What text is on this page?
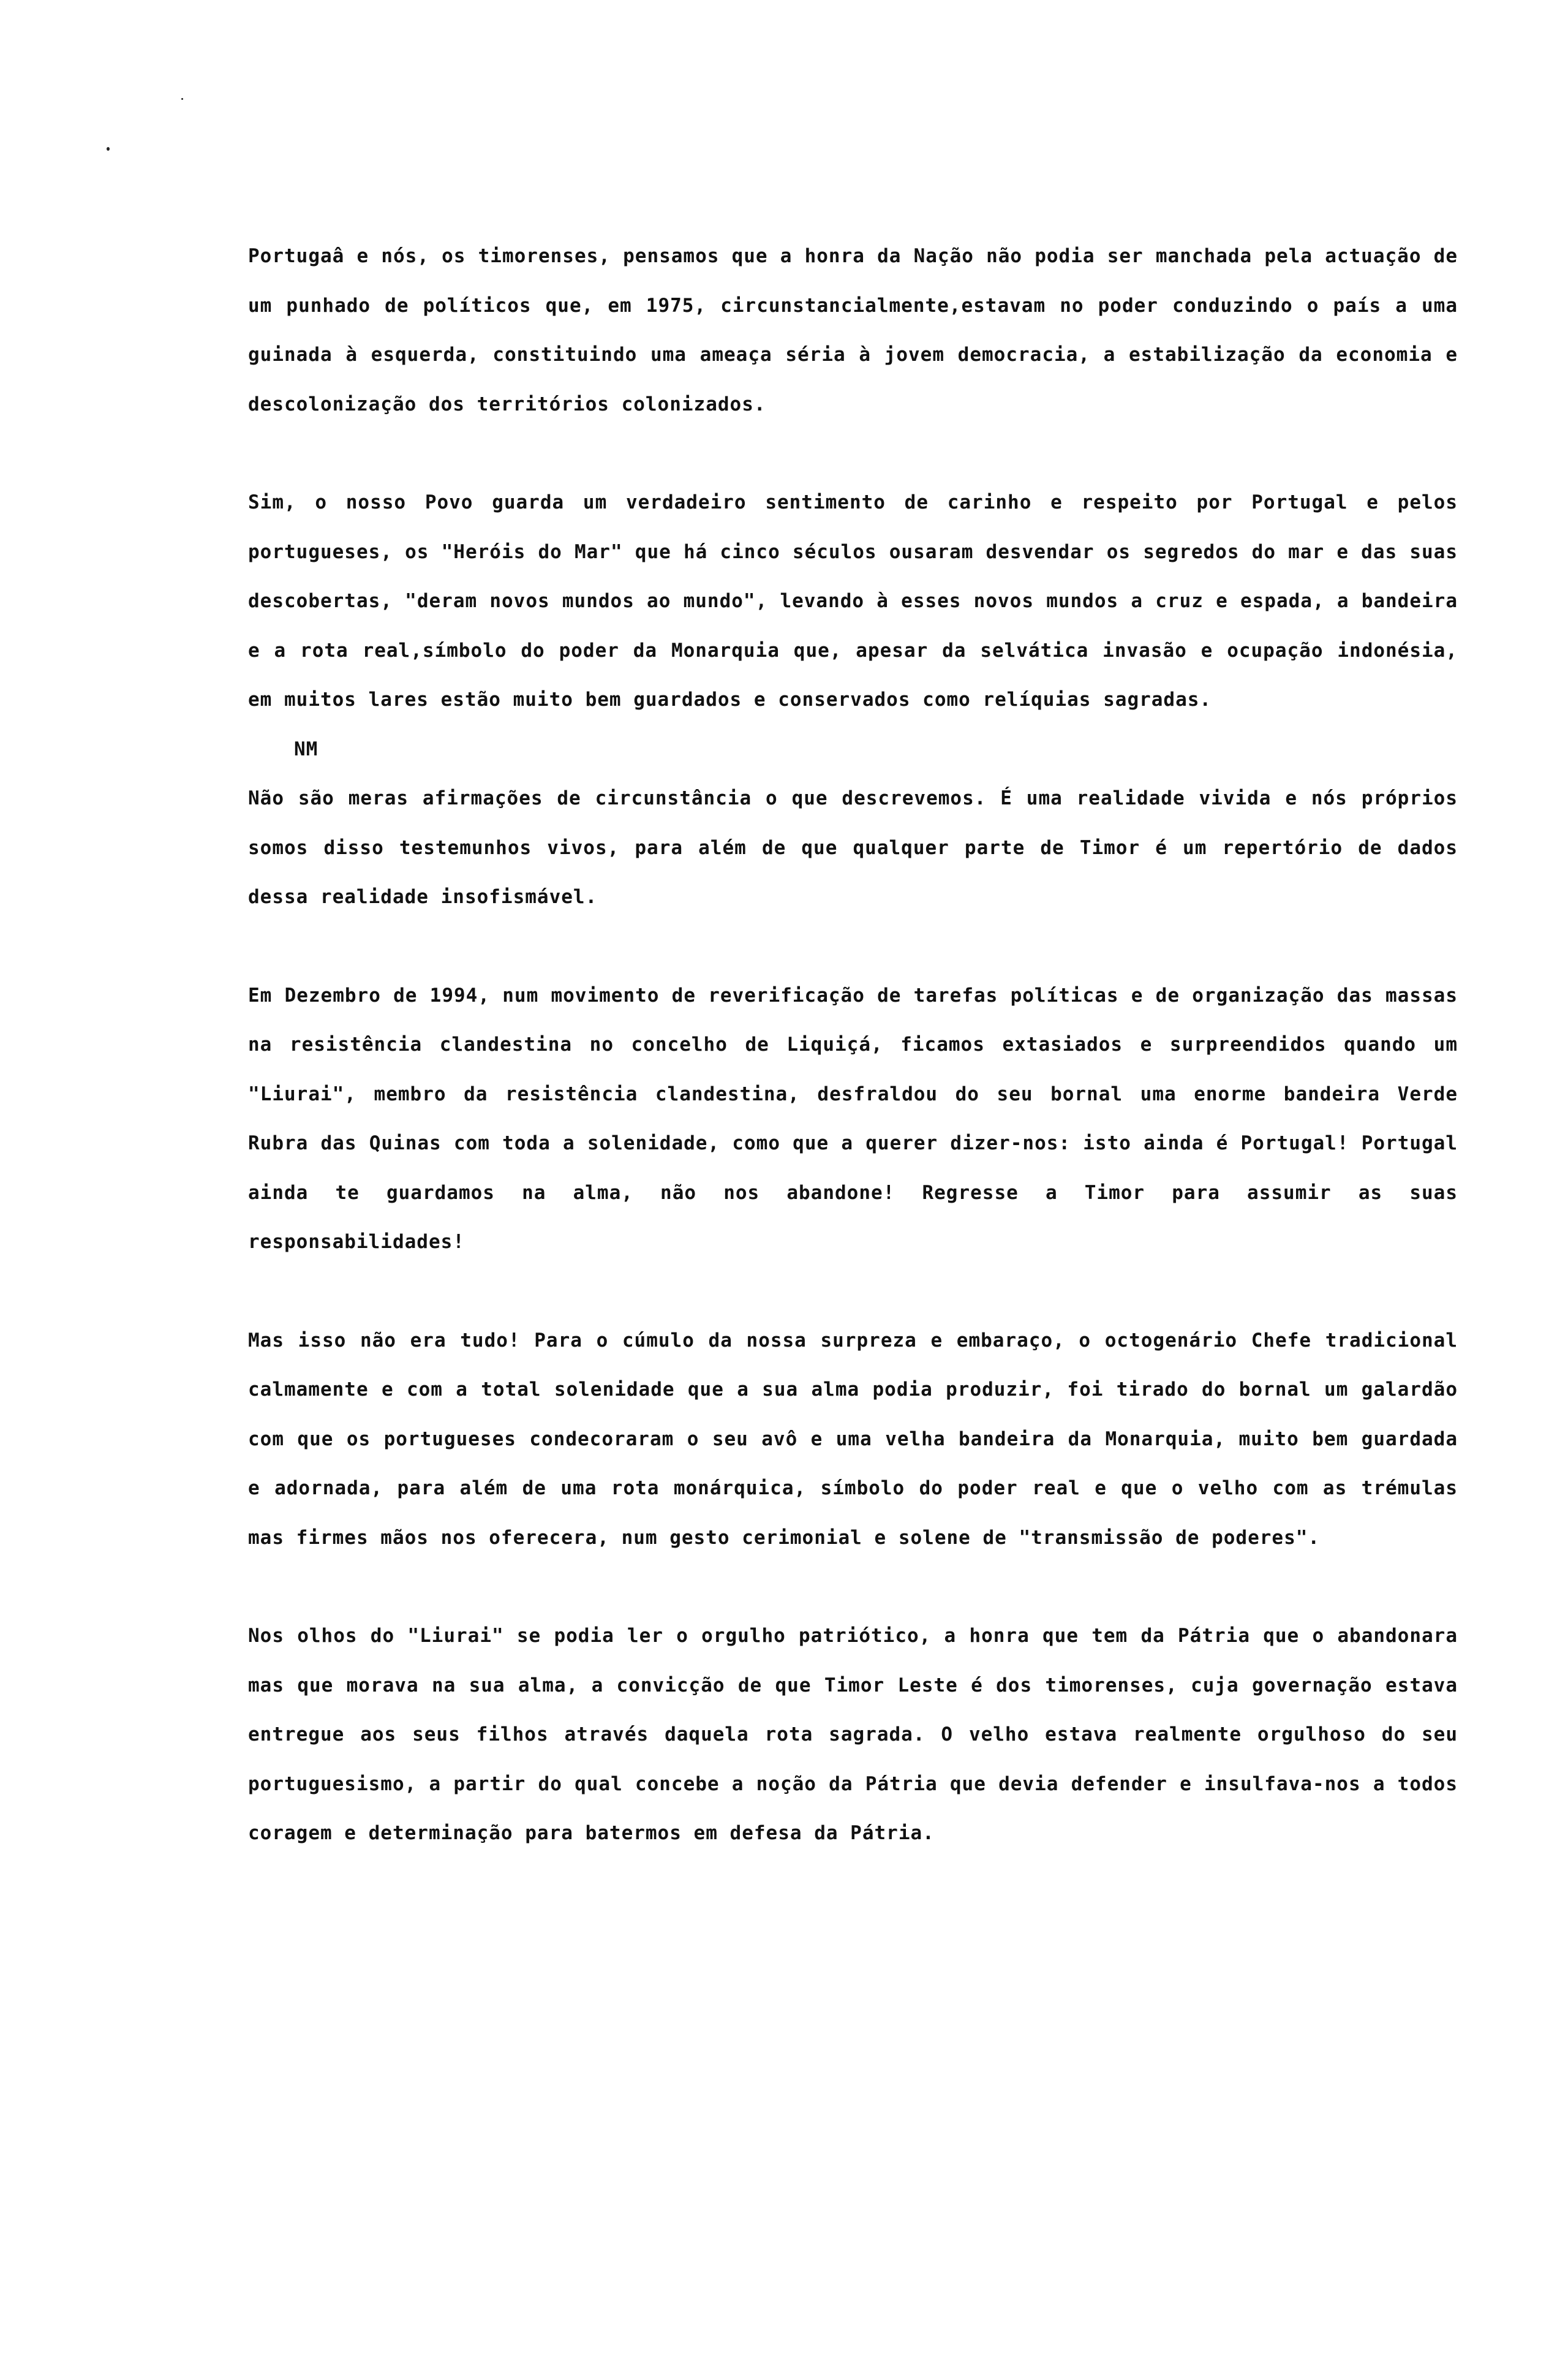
Portugaâ e nós, os timorenses, pensamos que a honra da Nação não podia ser manchada pela actuação de um punhado de políticos que, em 1975, circunstancialmente,estavam no poder conduzindo o país a uma guinada à esquerda, constituindo uma ameaça séria à jovem democracia, a estabilização da economia e descolonização dos territórios colonizados.

Sim, o nosso Povo guarda um verdadeiro sentimento de carinho e respeito por Portugal e pelos portugueses, os "Heróis do Mar" que há cinco séculos ousaram desvendar os segredos do mar e das suas descobertas, "deram novos mundos ao mundo", levando à esses novos mundos a cruz e espada, a bandeira e a rota real,símbolo do poder da Monarquia que, apesar da selvática invasão e ocupação indonésia, em muitos lares estão muito bem guardados e conservados como relíquias sagradas.

NM

Não são meras afirmações de circunstância o que descrevemos. É uma realidade vivida e nós próprios somos disso testemunhos vivos, para além de que qualquer parte de Timor é um repertório de dados dessa realidade insofismável.

Em Dezembro de 1994, num movimento de reverificação de tarefas políticas e de organização das massas na resistência clandestina no concelho de Liquiçá, ficamos extasiados e surpreendidos quando um "Liurai", membro da resistência clandestina, desfraldou do seu bornal uma enorme bandeira Verde Rubra das Quinas com toda a solenidade, como que a querer dizer-nos: isto ainda é Portugal! Portugal ainda te guardamos na alma, não nos abandone! Regresse a Timor para assumir as suas responsabilidades!

Mas isso não era tudo! Para o cúmulo da nossa surpreza e embaraço, o octogenário Chefe tradicional calmamente e com a total solenidade que a sua alma podia produzir, foi tirado do bornal um galardão com que os portugueses condecoraram o seu avô e uma velha bandeira da Monarquia, muito bem guardada e adornada, para além de uma rota monárquica, símbolo do poder real e que o velho com as trémulas mas firmes mãos nos oferecera, num gesto cerimonial e solene de "transmissão de poderes".

Nos olhos do "Liurai" se podia ler o orgulho patriótico, a honra que tem da Pátria que o abandonara mas que morava na sua alma, a convicção de que Timor Leste é dos timorenses, cuja governação estava entregue aos seus filhos através daquela rota sagrada. O velho estava realmente orgulhoso do seu portuguesismo, a partir do qual concebe a noção da Pátria que devia defender e insulfava-nos a todos coragem e determinação para batermos em defesa da Pátria.
